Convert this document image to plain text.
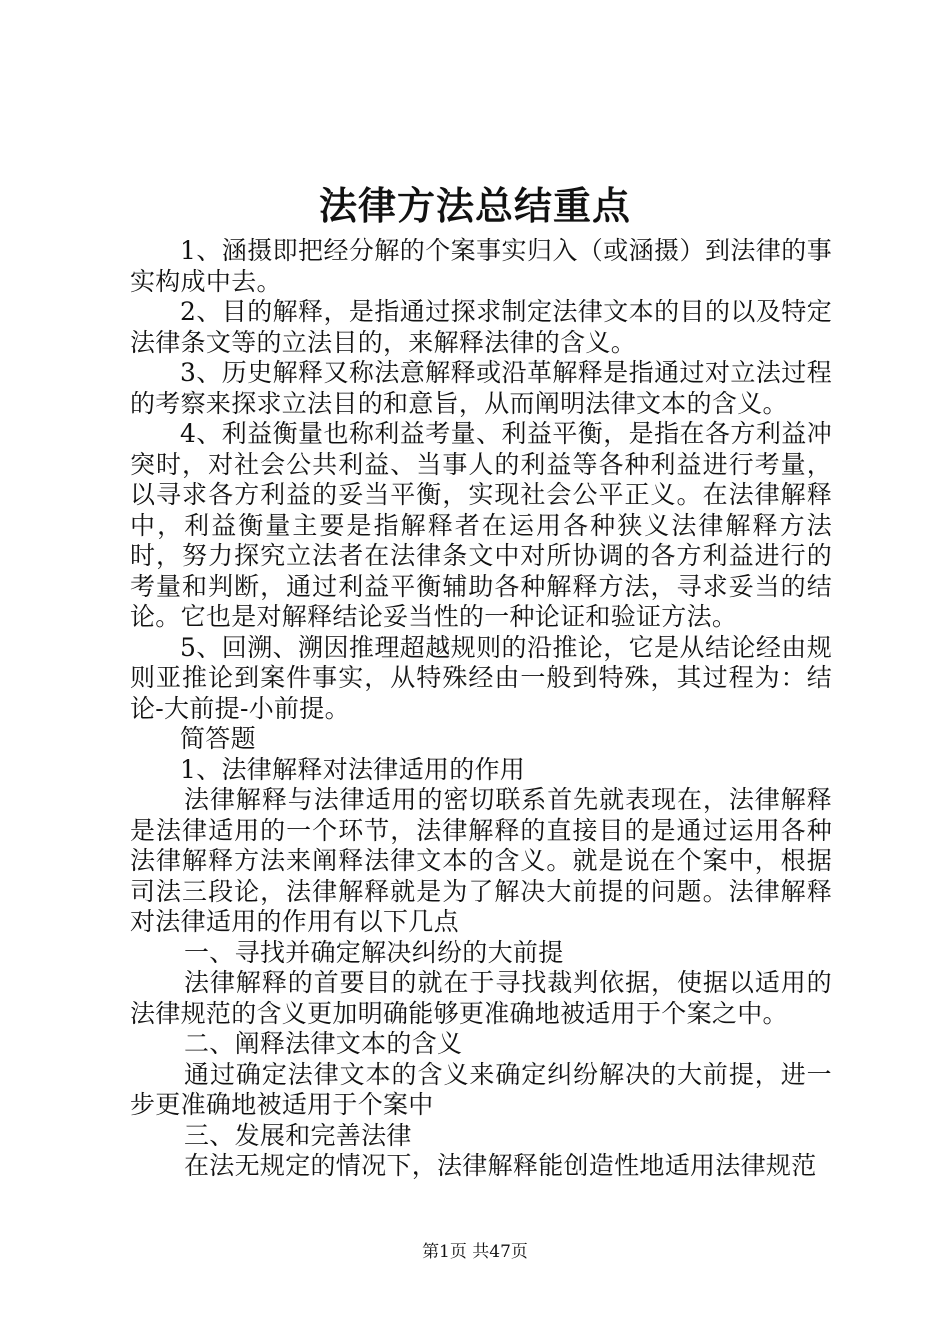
法律方法总结重点

1、涵摄即把经分解的个案事实归入（或涵摄）到法律的事实构成中去。

2、目的解释，是指通过探求制定法律文本的目的以及特定法律条文等的立法目的，来解释法律的含义。

3、历史解释又称法意解释或沿革解释是指通过对立法过程的考察来探求立法目的和意旨，从而阐明法律文本的含义。

4、利益衡量也称利益考量、利益平衡，是指在各方利益冲突时，对社会公共利益、当事人的利益等各种利益进行考量，以寻求各方利益的妥当平衡，实现社会公平正义。在法律解释中，利益衡量主要是指解释者在运用各种狭义法律解释方法时，努力探究立法者在法律条文中对所协调的各方利益进行的考量和判断，通过利益平衡辅助各种解释方法，寻求妥当的结论。它也是对解释结论妥当性的一种论证和验证方法。

5、回溯、溯因推理超越规则的沿推论，它是从结论经由规则亚推论到案件事实，从特殊经由一般到特殊，其过程为：结论-大前提-小前提。

简答题

1、法律解释对法律适用的作用

法律解释与法律适用的密切联系首先就表现在，法律解释是法律适用的一个环节，法律解释的直接目的是通过运用各种法律解释方法来阐释法律文本的含义。就是说在个案中，根据司法三段论，法律解释就是为了解决大前提的问题。法律解释对法律适用的作用有以下几点

一、寻找并确定解决纠纷的大前提

法律解释的首要目的就在于寻找裁判依据，使据以适用的法律规范的含义更加明确能够更准确地被适用于个案之中。

二、阐释法律文本的含义

通过确定法律文本的含义来确定纠纷解决的大前提，进一步更准确地被适用于个案中

三、发展和完善法律

在法无规定的情况下，法律解释能创造性地适用法律规范

第1页 共47页
